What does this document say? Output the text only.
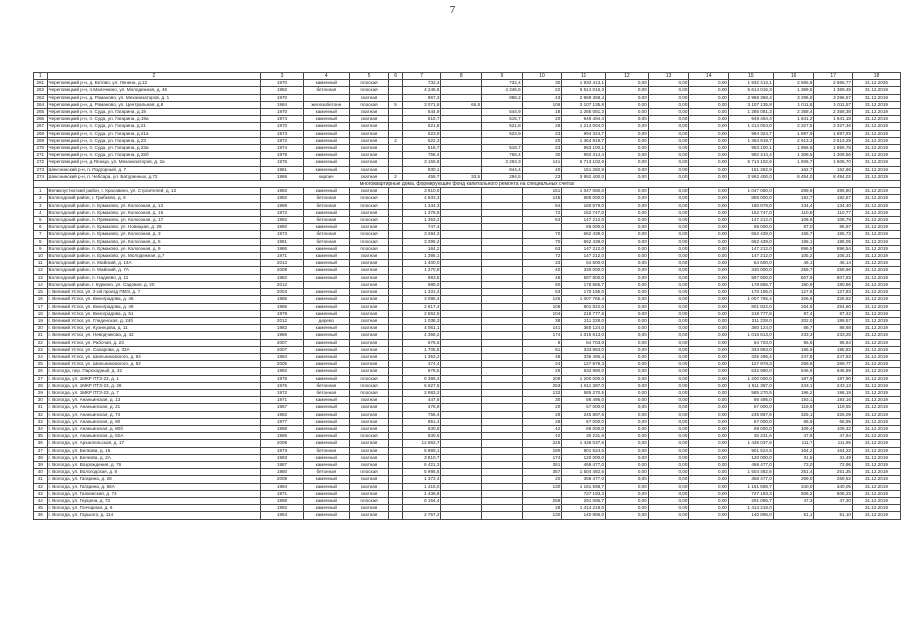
7
1	2	3	4	5	6	7	8	9	10	11	12	13	14	15	16	17	18
261	Череповецкий р-н, д. Ботово, ул. Ленина, д.12	1970	каменный	плоская		732,4		732,4	30	1 932 413,1	0,00	0,00	0,00	1 932 413,1	2 665,8	2 665,77	31.12.2026
262	Череповецкий р-н, п.Малечкино, ул. Молодежная, д. 45	1992	бетонная	плоская		4 246,5		4 246,5	22	5 614 016,3	0,00	0,00	0,00	5 614 016,3	1 369,5	1 369,45	31.12.2019
263	Череповецкий р-н, д. Романово, ул. Механизаторов, д. 1	1970		скатная		867,3		888,2	43	2 968 368,4	0,00	0,00	0,00	2 968 368,4	3 296,6	3 296,57	31.12.2019
264	Череповецкий р-н, д. Романово, ул. Центральная, д.8	1984	железобетонн	плоская	5	3 071,6	66,8		106	3 107 135,8	0,00	0,00	0,00	3 107 135,8	1 011,6	1 011,57	31.12.2019
265	Череповецкий р-н, п. Суда, ул. Гагарина, д.19	1970	каменный	скатная		544,9		544,9	18	1 285 081,3	0,00	0,00	0,00	1 285 081,3	2 358,4	2 358,38	31.12.2019
266	Череповецкий р-н, п. Суда, ул. Гагарина, д.19а	1974	каменный	скатная		515,7		515,7	20	949 494,4	0,00	0,00	0,00	949 494,4	1 841,2	1 841,18	31.12.2019
267	Череповецкий р-н, п. Суда, ул. Гагарина, д.21	1970	каменный	скатная		521,8		521,8	28	1 214 004,0	0,00	0,00	0,00	1 214 004,0	2 327,5	2 327,46	31.12.2019
268	Череповецкий р-н, п. Суда, ул. Гагарина, д.21а	1973	каменный	скатная		523,9		523,9	23	994 324,7	0,00	0,00	0,00	994 324,7	1 897,9	1 897,93	31.12.2019
269	Череповецкий р-н, п. Суда, ул. Гагарина, д.23	1972	каменный	скатная	2	522,3			20	1 364 919,7	0,00	0,00	0,00	1 364 919,7	2 613,3	2 613,29	31.12.2019
270	Череповецкий р-н, п. Суда, ул. Гагарина, д.23а	1974	каменный	скатная		518,7		518,7	23	963 100,1	0,00	0,00	0,00	963 100,1	1 856,8	1 856,78	31.12.2019
271	Череповецкий р-н, п. Суда, ул. Гагарина, д.25б	1979	каменный	скатная		758,4		758,4	30	992 414,4	0,00	0,00	0,00	992 414,4	1 308,5	1 308,56	31.12.2019
272	Череповецкий р-н, д.Ягница, ул. Механизаторов, д. 2а	1975	каменный	скатная		3 155,8		3 263,3	141	5 713 102,6	0,00	0,00	0,00	5 713 102,6	1 606,7	1 606,70	31.12.2019
273	Шекснинский р-н, п. Подгорный, д. 7	1981	каменный	скатная		930,1		844,4	40	151 282,9	0,00	0,00	0,00	151 282,9	162,7	162,66	31.12.2019
274	Шекснинский р-н, п. Чебсара, ул. Батуринных, д.72	1966	кирпич	скатная	2	458,7	33,5	294,5	23	3 952 400,0	0,00	0,00	0,00	3 962 400,0	8 454,0	8 454,02	31.12.2019
многоквартирные дома, формирующие фонд капитального ремонта на специальных счетах																	
1	Великоустюгский район, г. Красавино, ул. Строителей, д. 12	1983	каменный	скатная		3 610,0			151	1 047 060,0	0,00	0,00	0,00	1 047 060,0	289,8	289,80	31.12.2019
2	Вологодский район, г. Грибково, д. 6	1992	бетонная	плоская		4 933,3			145	885 000,0	0,00	0,00	0,00	885 000,0	192,7	192,67	31.12.2019
3	Вологодский район, п. Ермаково, ул. Колхозная, д. 13	1999	бетонная	плоская		1 344,3			54	180 679,0	0,00	0,00	0,00	180 679,0	134,4	134,40	31.12.2019
4	Вологодский район, п. Ермаково, ул. Колхозная, д. 16	1972	каменный	скатная		1 378,9			72	152 747,0	0,00	0,00	0,00	152 747,0	110,8	110,77	31.12.2019
5	Вологодский район, п. Прямково, ул. Колхозная, д. 17	1992	бетонная	плоская		1 353,2			64	147 212,0	0,00	0,00	0,00	147 212,0	108,8	108,79	31.12.2019
6	Вологодский район, п. Ермаково, ул. Новицкая, д. 29	1980	каменный	скатная		747,4				65 000,0	0,00	0,00	0,00	65 000,0	87,0	86,97	31.12.2019
7	Вологодский район, п. Ермаково, ул. Колхозная, д. 3	1973	бетонная	плоская		3 284,3			70	662 439,0	0,00	0,00	0,00	662 439,0	155,7	155,73	31.12.2019
8	Вологодский район, п. Ермаково, ул. Колхозная, д. 5	1981	бетонная	плоская		3 396,2			70	662 439,0	0,00	0,00	0,00	662 439,0	195,1	195,05	31.12.2019
9	Вологодский район, п. Ермаково, ул. Колхозная, д. 9	1986	каменный	плоская		164,2			63	147 212,0	0,00	0,00	0,00	147 212,0	896,5	896,54	31.12.2019
10	Вологодский район, п. Ермаково, ул. Молодежная, д.7	1971	каменный	скатная		1 395,1			72	147 212,0	0,00	0,00	0,00	147 212,0	105,2	105,21	31.12.2019
11	Вологодский район, п. Майский, д. 14А	2013	каменный	скатная		1 400,0			33	64 600,0	0,00	0,00	0,00	64 600,0	46,1	46,14	31.12.2019
12	Вологодский район, п. Майский, д. 7А	2008	каменный	скатная		1 270,9			40	330 000,0	0,00	0,00	0,00	330 000,0	259,7	259,66	31.12.2019
13	Вологодский район, п. Надеево, д. 11	1982	каменный	скатная		983,5			46	597 600,0	0,00	0,00	0,00	597 600,0	607,6	607,63	31.12.2019
14	Вологодский район, г. Куркино, ул. Садовая, д. 20	2012		скатная		989,0			60	178 865,7	0,00	0,00	0,00	178 865,7	180,9	180,86	31.12.2019
15	г. Великий Устюг, ул. 2-ой проезд ПМЭ, д. 7	2003	каменный	скатная		1 331,4			53	170 195,0	0,00	0,00	0,00	170 195,0	127,8	127,83	31.12.2019
16	г. Великий Устюг, ул. Виноградова, д. 46	1985	каменный	скатная		3 085,4			126	1 007 765,4	0,00	0,00	0,00	1 007 765,4	326,6	326,62	31.12.2019
17	г. Великий Устюг, ул. Виноградова, д. 49	1985	каменный	скатная		2 617,4			106	801 822,0	0,00	0,00	0,00	801 822,0	254,6	254,60	31.12.2019
18	г. Великий Устюг, ул. Виноградова, д. 51	1979	каменный	скатная		2 562,6			104	218 777,6	0,00	0,00	0,00	218 777,6	87,4	87,42	31.12.2019
19	г. Великий Устюг, ул. Гледенская, д. 24б	2012	дерево	скатная		1 036,3			38	211 228,0	0,00	0,00	0,00	211 228,0	202,0	199,57	31.12.2019
20	г. Великий Устюг, ул. Кузнецова, д. 11	1982	каменный	скатная		4 061,1			141	360 124,0	0,00	0,00	0,00	360 124,0	88,7	88,68	31.12.2019
21	г. Великий Устюг, ул. Неводчикова, д. 42	1986	каменный	скатная		4 358,2			174	1 016 613,0	0,00	0,00	0,00	1 016 613,0	233,3	233,26	31.12.2019
22	г. Великий Устюг, ул. Рабочая, д. 23	2007	каменный	скатная		676,5			8	64 703,0	0,00	0,00	0,00	64 703,0	95,6	95,64	31.12.2019
23	г. Великий Устюг, ул. Сахарова, д. 33А	2007	каменный	скатная		1 705,5			61	333 963,0	0,00	0,00	0,00	333 963,0	195,8	195,82	31.12.2019
24	г. Великий Устюг, ул. Шильниковского, д. 84	1984	каменный	скатная		1 353,2			48	335 496,4	0,00	0,00	0,00	335 496,4	247,9	247,93	31.12.2019
25	г. Великий Устюг, ул. Шильниковского, д. 82	2005	каменный	скатная		474,4			24	127 978,3	0,00	0,00	0,00	127 978,3	269,8	269,77	31.12.2019
26	г. Вологда, пер. Пароходный, д. 32	1992	каменный	скатная		978,5			28	632 980,0	0,00	0,00	0,00	632 980,0	646,9	646,89	31.12.2019
27	г. Вологда, ул. 1МКР ПТЗ-23, д. 1	1978	каменный	плоская		6 386,3			209	1 200 000,0	0,00	0,00	0,00	1 200 000,0	187,9	187,90	31.12.2019
28	г. Вологда, ул. 1МКР ПТЗ-23, д. 28	1976	бетонная	плоская		6 627,6			263	1 611 397,0	0,00	0,00	0,00	1 611 397,0	243,1	243,13	31.12.2019
29	г. Вологда, ул. 1МКР ПТЗ-23, д. 7	1972	бетонная	плоская		2 983,2			132	585 270,5	0,00	0,00	0,00	585 270,5	196,2	196,19	31.12.2019
30	г. Вологда, ул. Ананьинская, д. 13	1971	каменный	скатная		447,8			30	86 495,0	0,00	0,00	0,00	86 495,0	193,1	193,16	31.12.2019
31	г. Вологда, ул. Ананьинская, д. 21	1967	каменный	скатная		476,8			20	57 000,0	0,00	0,00	0,00	57 000,0	119,6	119,55	31.12.2019
32	г. Вологда, ул. Ананьинская, д. 74	1982	каменный	скатная		756,4			28	245 897,6	0,00	0,00	0,00	245 897,6	325,1	325,09	31.12.2019
33	г. Вологда, ул. Ананьинская, д. 80	1977	каменный	скатная		851,4			28	57 000,0	0,00	0,00	0,00	57 000,0	66,9	66,95	31.12.2019
34	г. Вологда, ул. Ананьинская, д. 80б	1988	каменный	скатная		630,6			42	69 000,0	0,00	0,00	0,00	69 000,0	109,4	109,42	31.12.2019
35	г. Вологда, ул. Ананьинская, д. 82А	1986	каменный	плоская		630,6			42	30 231,6	0,00	0,00	0,00	30 231,6	47,9	47,94	31.12.2019
36	г. Вологда, ул. Архангельская, д. 17	2008	каменный	скатная		12 862,7			225	1 436 037,6	0,00	0,00	0,00	1 436 037,6	111,7	111,65	31.12.2019
37	г. Вологда, ул. Белкова, д. 16	1973	бетонная	скатная		5 869,1			180	901 524,5	0,00	0,00	0,00	901 524,5	164,2	164,22	31.12.2019
38	г. Вологда, ул. Белкова, д. 2А	1983	каменный	скатная		3 810,7			174	120 000,0	0,00	0,00	0,00	120 000,0	31,5	31,49	31.12.2019
39	г. Вологда, ул. Возрождения, д. 76	1987	каменный	скатная		6 421,3			261	468 477,0	0,00	0,00	0,00	468 477,0	73,0	72,96	31.12.2019
40	г. Вологда, ул. Вологодская, д. 8	1980	бетонная	плоская		5 995,6			357	1 504 482,6	0,00	0,00	0,00	1 504 482,6	251,4	251,35	31.12.2019
41	г. Вологда, ул. Гагарина, д. 28	2009	каменный	скатная		1 372,4			20	368 477,0	0,00	0,00	0,00	368 477,0	269,0	269,52	31.12.2019
42	г. Вологда, ул. Гагарина, д. 56А	1994	каменный	скатная		1 416,0			130	1 161 598,7	0,00	0,00	0,00	1 161 598,7	340,0	340,05	31.12.2019
43	г. Вологда, ул. Галкинская, д. 74	1971	каменный	скатная		1 436,8				727 193,3	0,00	0,00	0,00	727 193,3	506,2	506,23	31.12.2019
44	г. Вологда, ул. Герцена, д. 73	1968	каменный	плоская		6 154,4			258	291 085,7	0,00	0,00	0,00	291 085,7	47,3	47,30	31.12.2019
45	г. Вологда, ул. Гончарная, д. 6	1992	каменный	скатная					28	1 414 218,0	0,00	0,00	0,00	1 414 218,0			31.12.2019
46	г. Вологда, ул. Горького, д. 114	1954	каменный	скатная		2 757,2			130	140 896,0	0,00	0,00	0,00	140 896,0	51,1	51,10	31.12.2019
